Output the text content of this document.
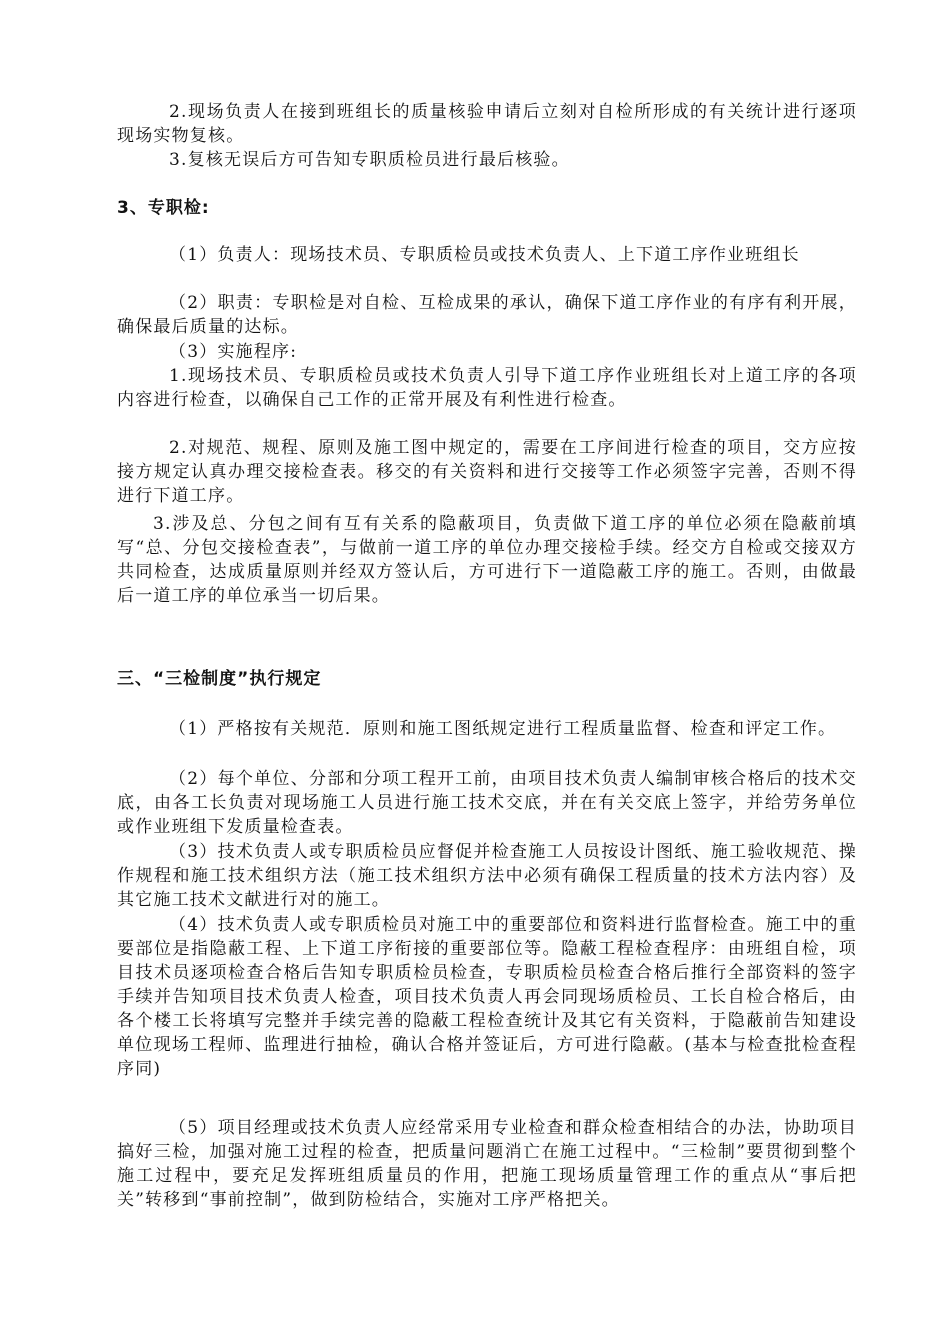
2.现场负责人在接到班组长的质量核验申请后立刻对自检所形成的有关统计进行逐项现场实物复核。

3.复核无误后方可告知专职质检员进行最后核验。

3、专职检:

（1）负责人：现场技术员、专职质检员或技术负责人、上下道工序作业班组长

（2）职责：专职检是对自检、互检成果的承认，确保下道工序作业的有序有利开展，确保最后质量的达标。

（3）实施程序:

1.现场技术员、专职质检员或技术负责人引导下道工序作业班组长对上道工序的各项内容进行检查，以确保自己工作的正常开展及有利性进行检查。

2.对规范、规程、原则及施工图中规定的，需要在工序间进行检查的项目，交方应按接方规定认真办理交接检查表。移交的有关资料和进行交接等工作必须签字完善，否则不得进行下道工序。

3.涉及总、分包之间有互有关系的隐蔽项目，负责做下道工序的单位必须在隐蔽前填写“总、分包交接检查表”，与做前一道工序的单位办理交接检手续。经交方自检或交接双方共同检查，达成质量原则并经双方签认后，方可进行下一道隐蔽工序的施工。否则，由做最后一道工序的单位承当一切后果。

三、“三检制度”执行规定

（1）严格按有关规范．原则和施工图纸规定进行工程质量监督、检查和评定工作。

（2）每个单位、分部和分项工程开工前，由项目技术负责人编制审核合格后的技术交底，由各工长负责对现场施工人员进行施工技术交底，并在有关交底上签字，并给劳务单位或作业班组下发质量检查表。

（3）技术负责人或专职质检员应督促并检查施工人员按设计图纸、施工验收规范、操作规程和施工技术组织方法（施工技术组织方法中必须有确保工程质量的技术方法内容）及其它施工技术文献进行对的施工。

（4）技术负责人或专职质检员对施工中的重要部位和资料进行监督检查。施工中的重要部位是指隐蔽工程、上下道工序衔接的重要部位等。隐蔽工程检查程序：由班组自检，项目技术员逐项检查合格后告知专职质检员检查，专职质检员检查合格后推行全部资料的签字手续并告知项目技术负责人检查，项目技术负责人再会同现场质检员、工长自检合格后，由各个楼工长将填写完整并手续完善的隐蔽工程检查统计及其它有关资料，于隐蔽前告知建设单位现场工程师、监理进行抽检，确认合格并签证后，方可进行隐蔽。(基本与检查批检查程序同)

（5）项目经理或技术负责人应经常采用专业检查和群众检查相结合的办法，协助项目搞好三检，加强对施工过程的检查，把质量问题消亡在施工过程中。“三检制”要贯彻到整个施工过程中，要充足发挥班组质量员的作用，把施工现场质量管理工作的重点从“事后把关”转移到“事前控制”，做到防检结合，实施对工序严格把关。
